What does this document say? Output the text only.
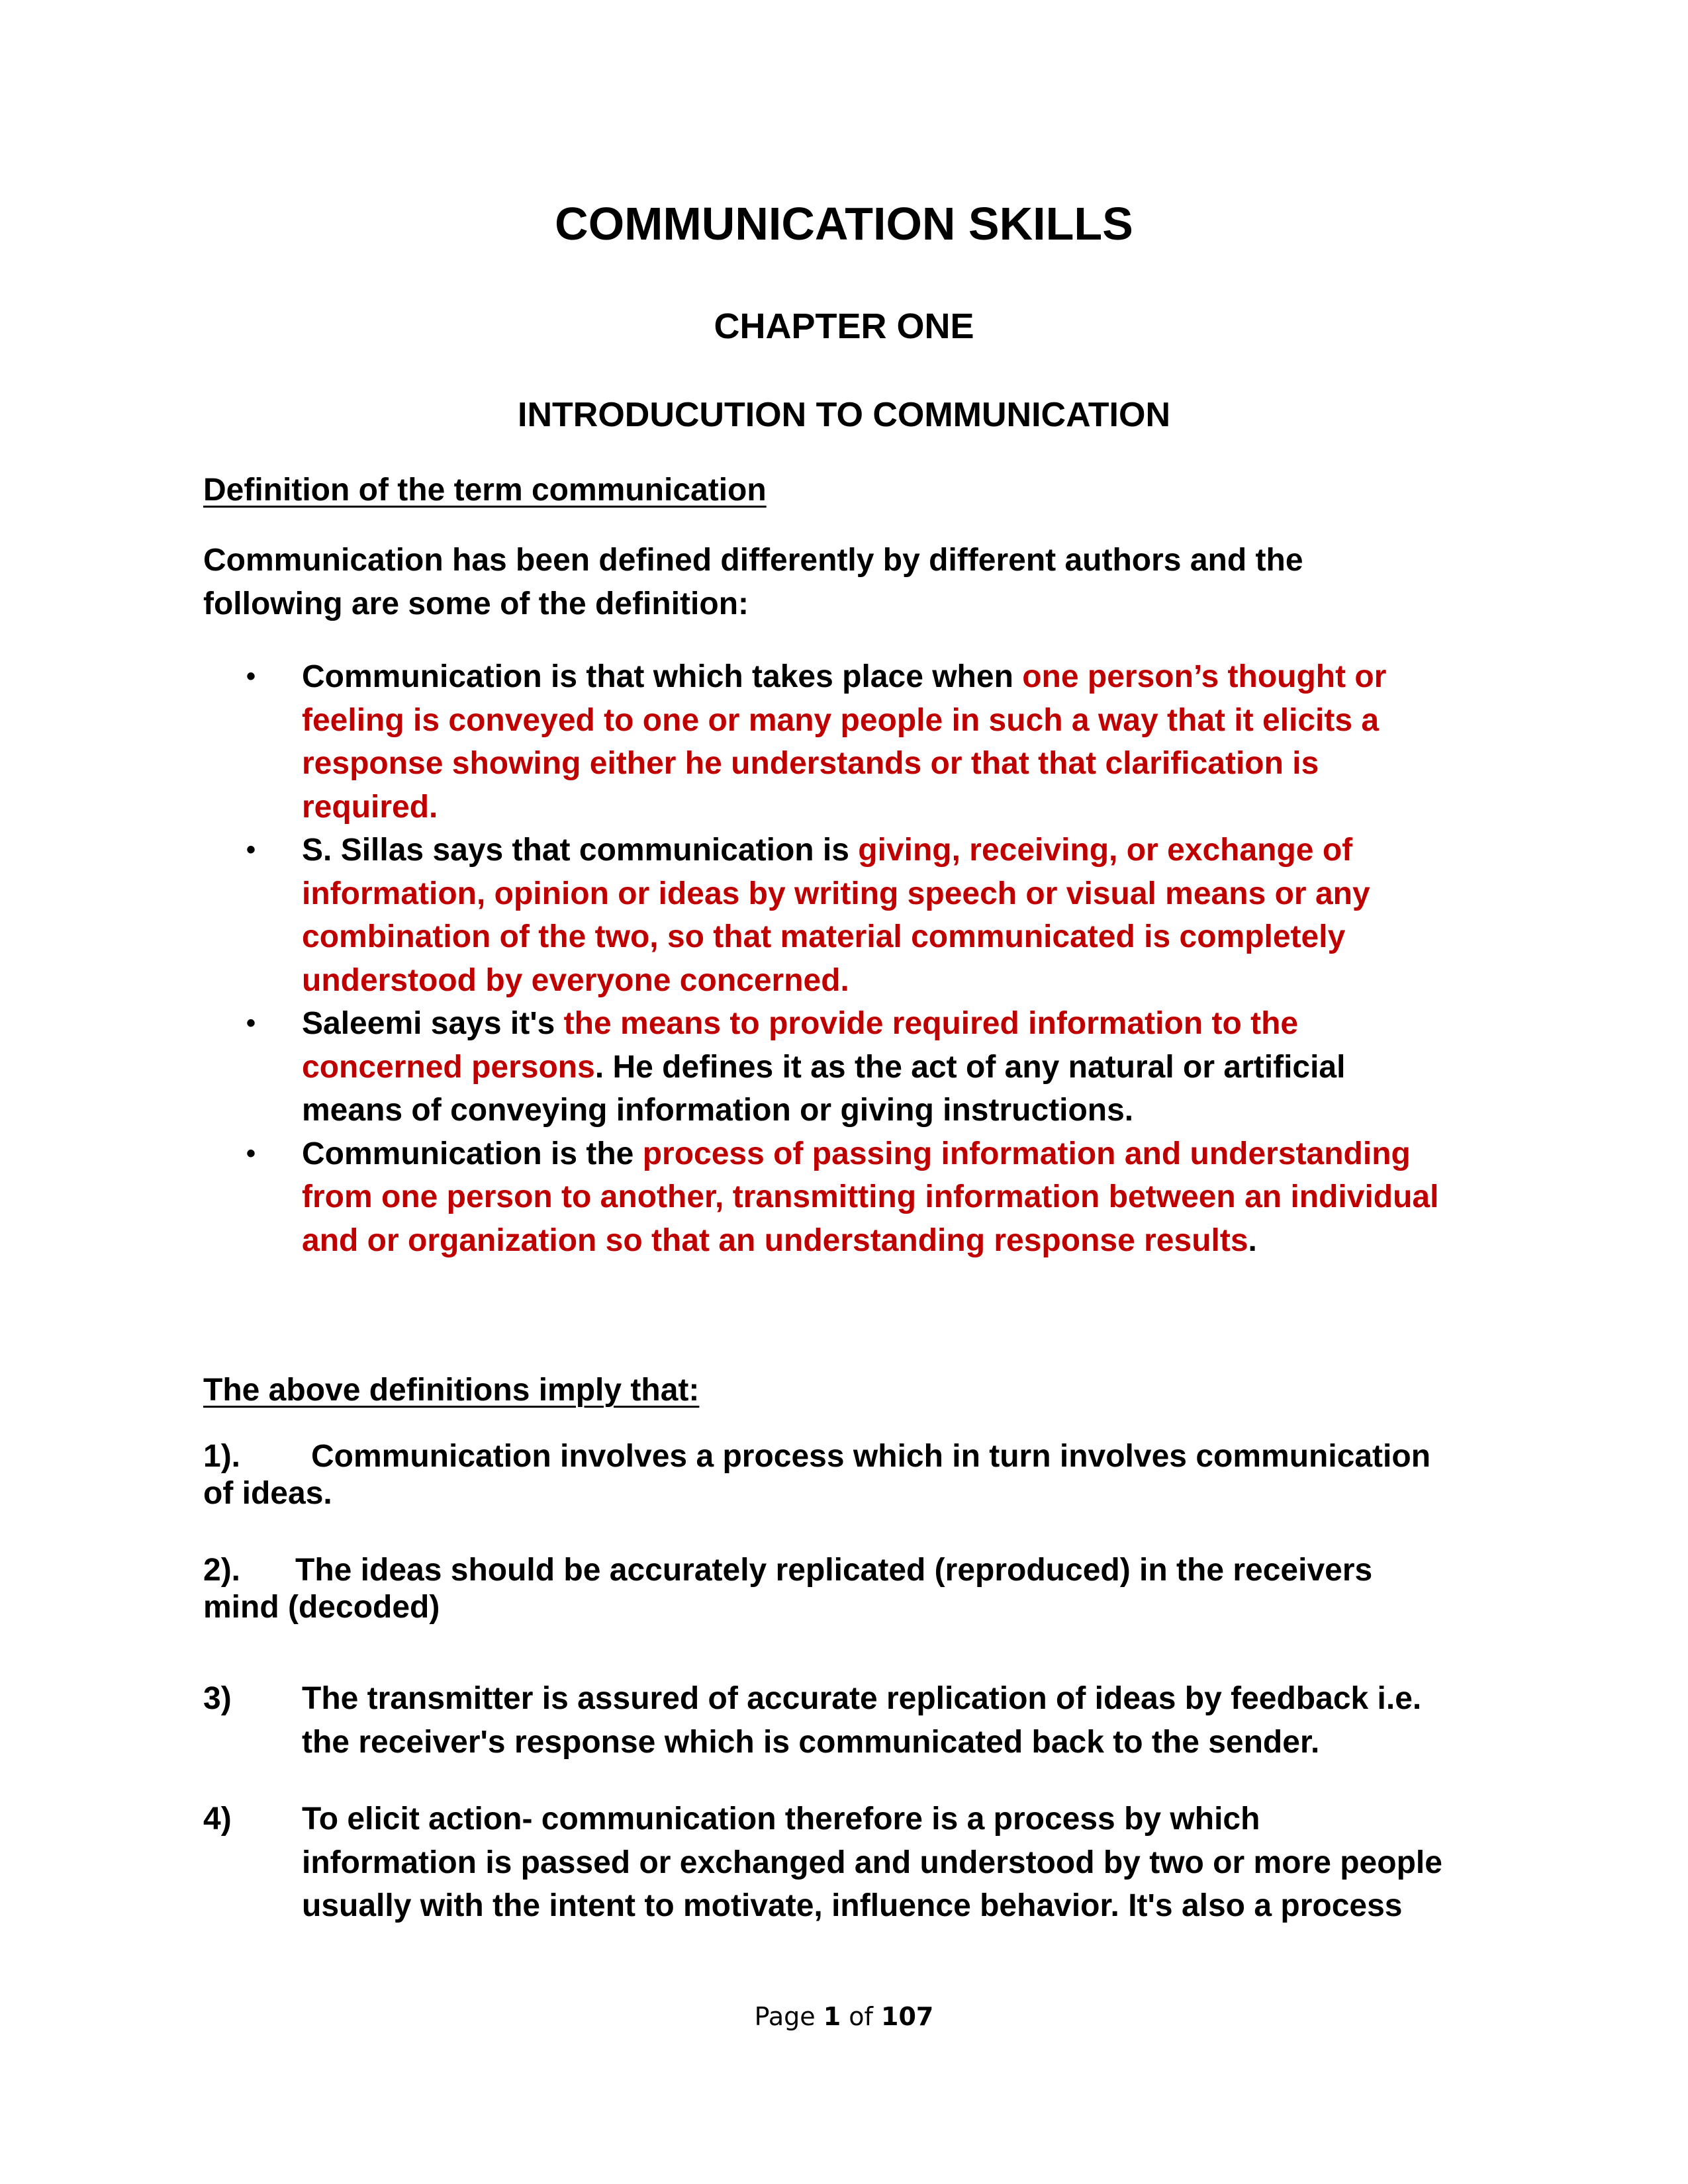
COMMUNICATION SKILLS
CHAPTER ONE
INTRODUCUTION TO COMMUNICATION

Definition of the term communication

Communication has been defined differently by different authors and the

following are some of the definition:

• Communication is that which takes place when one person’s thought or

feeling is conveyed to one or many people in such a way that it elicits a

response showing either he understands or that that clarification is

required.

• S. Sillas says that communication is giving, receiving, or exchange of

information, opinion or ideas by writing speech or visual means or any

combination of the two, so that material communicated is completely

understood by everyone concerned.

• Saleemi says it's the means to provide required information to the

concerned persons. He defines it as the act of any natural or artificial

means of conveying information or giving instructions.

• Communication is the process of passing information and understanding

from one person to another, transmitting information between an individual

and or organization so that an understanding response results.

The above definitions imply that:

1). Communication involves a process which in turn involves communication

of ideas.

2). The ideas should be accurately replicated (reproduced) in the receivers

mind (decoded)

3) The transmitter is assured of accurate replication of ideas by feedback i.e.

the receiver's response which is communicated back to the sender.

4) To elicit action- communication therefore is a process by which

information is passed or exchanged and understood by two or more people

usually with the intent to motivate, influence behavior. It's also a process

Page 1 of 107
